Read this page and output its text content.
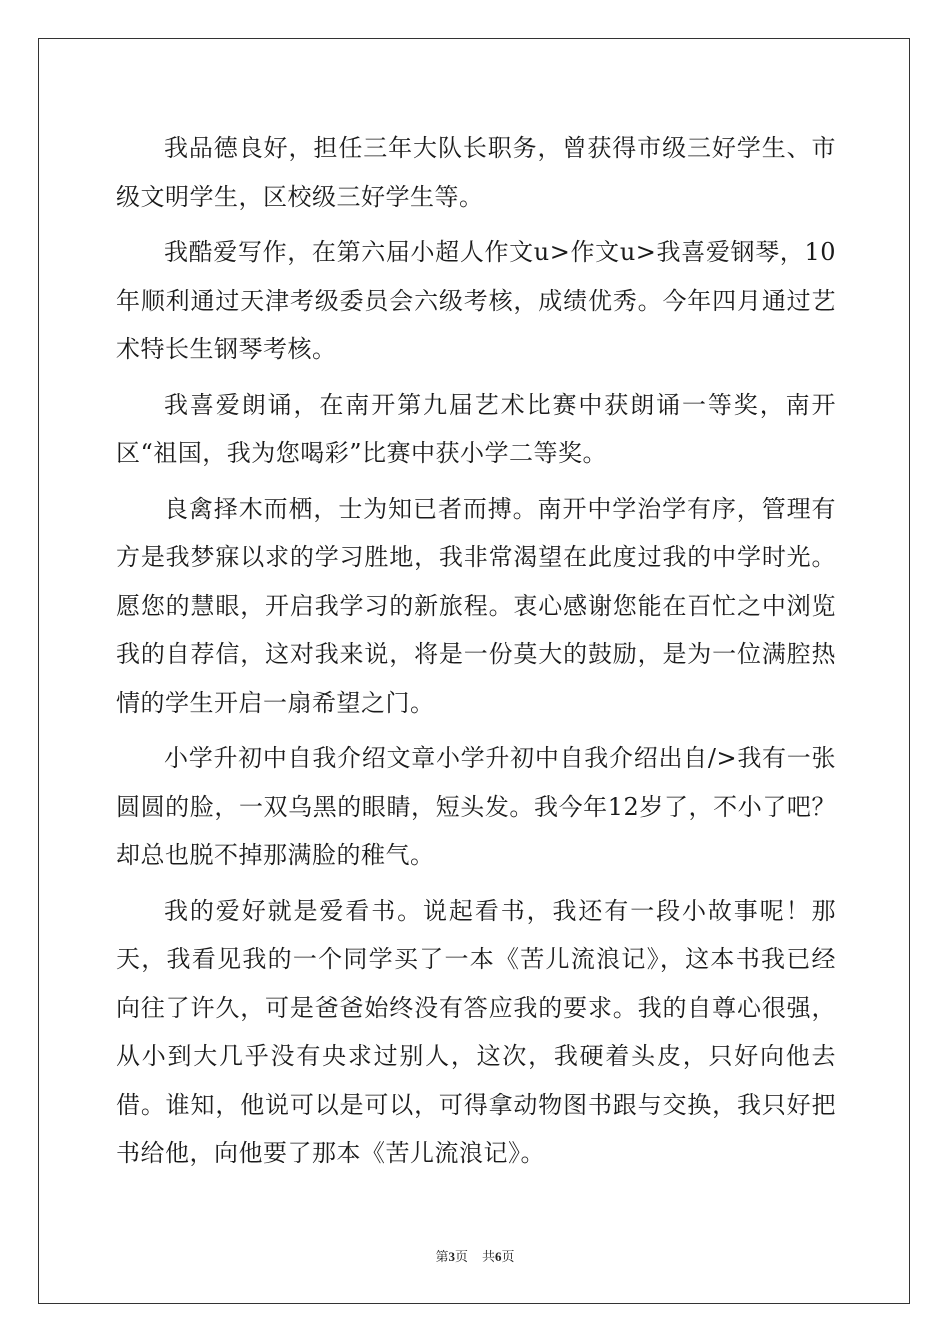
我品德良好，担任三年大队长职务，曾获得市级三好学生、市级文明学生，区校级三好学生等。

我酷爱写作，在第六届小超人作文u>作文u>我喜爱钢琴，10年顺利通过天津考级委员会六级考核，成绩优秀。今年四月通过艺术特长生钢琴考核。

我喜爱朗诵，在南开第九届艺术比赛中获朗诵一等奖，南开区“祖国，我为您喝彩”比赛中获小学二等奖。

良禽择木而栖，士为知已者而搏。南开中学治学有序，管理有方是我梦寐以求的学习胜地，我非常渴望在此度过我的中学时光。愿您的慧眼，开启我学习的新旅程。衷心感谢您能在百忙之中浏览我的自荐信，这对我来说，将是一份莫大的鼓励，是为一位满腔热情的学生开启一扇希望之门。

小学升初中自我介绍文章小学升初中自我介绍出自/>我有一张圆圆的脸，一双乌黑的眼睛，短头发。我今年12岁了，不小了吧？却总也脱不掉那满脸的稚气。

我的爱好就是爱看书。说起看书，我还有一段小故事呢！那天，我看见我的一个同学买了一本《苦儿流浪记》，这本书我已经向往了许久，可是爸爸始终没有答应我的要求。我的自尊心很强，从小到大几乎没有央求过别人，这次，我硬着头皮，只好向他去借。谁知，他说可以是可以，可得拿动物图书跟与交换，我只好把书给他，向他要了那本《苦儿流浪记》。

第3页 共6页
